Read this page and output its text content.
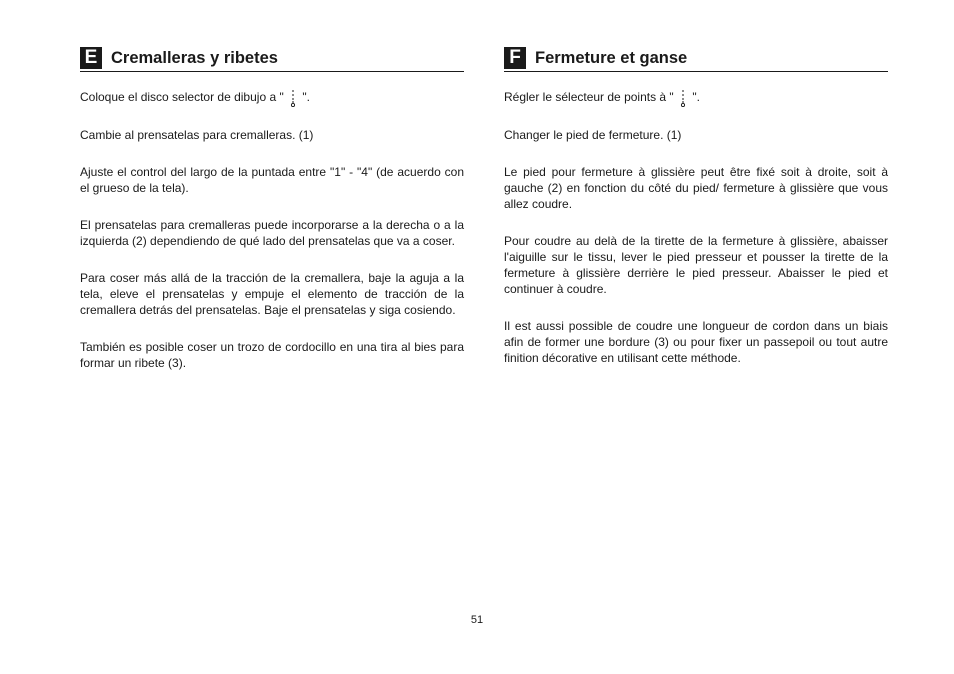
E Cremalleras y ribetes

Coloque el disco selector de dibujo a "  ".

Cambie al prensatelas para cremalleras. (1)

Ajuste el control del largo de la puntada entre "1" - "4" (de acuerdo con el grueso de la tela).

El prensatelas para cremalleras puede incorporarse a la derecha o a la izquierda (2) dependiendo de qué lado del prensatelas que va a coser.

Para coser más allá de la tracción de la cremallera, baje la aguja a la tela, eleve el prensatelas y empuje el elemento de tracción de la cremallera detrás del prensatelas. Baje el prensatelas y siga cosiendo.

También es posible coser un trozo de cordocillo en una tira al bies para formar un ribete (3).

F Fermeture et ganse

Régler le sélecteur de points à "  ".

Changer le pied de fermeture. (1)

Le pied pour fermeture à glissière peut être fixé soit à droite, soit à gauche (2) en fonction du côté du pied/ fermeture à glissière que vous allez coudre.

Pour coudre au delà de la tirette de la fermeture à glissière, abaisser l'aiguille sur le tissu, lever le pied presseur et pousser la tirette de la fermeture à glissière derrière le pied presseur. Abaisser le pied et continuer à coudre.

Il est aussi possible de coudre une longueur de cordon dans un biais afin de former une bordure (3) ou pour fixer un passepoil ou tout autre finition décorative en utilisant cette méthode.

51
